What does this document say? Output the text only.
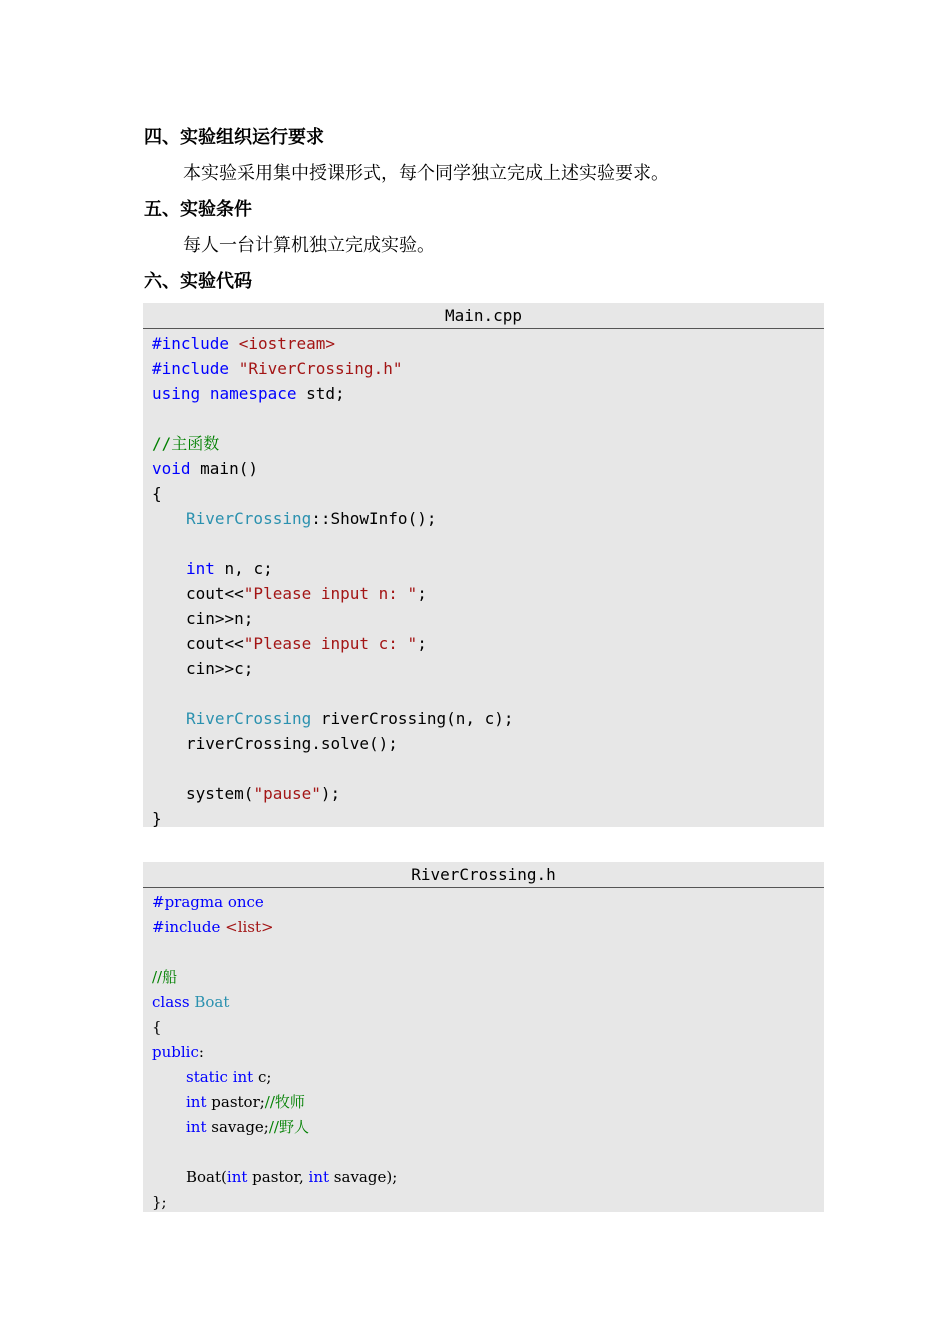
四、实验组织运行要求
本实验采用集中授课形式，每个同学独立完成上述实验要求。
五、实验条件
每人一台计算机独立完成实验。
六、实验代码
Main.cpp
#include <iostream>
#include "RiverCrossing.h"
using namespace std;
//主函数
void main()
{
RiverCrossing::ShowInfo();
int n, c;
cout<<"Please input n: ";
cin>>n;
cout<<"Please input c: ";
cin>>c;
RiverCrossing riverCrossing(n, c);
riverCrossing.solve();
system("pause");
}
RiverCrossing.h
#pragma once
#include <list>
//船
class Boat
{
public:
static int c;
int pastor;//牧师
int savage;//野人
Boat(int pastor, int savage);
};
